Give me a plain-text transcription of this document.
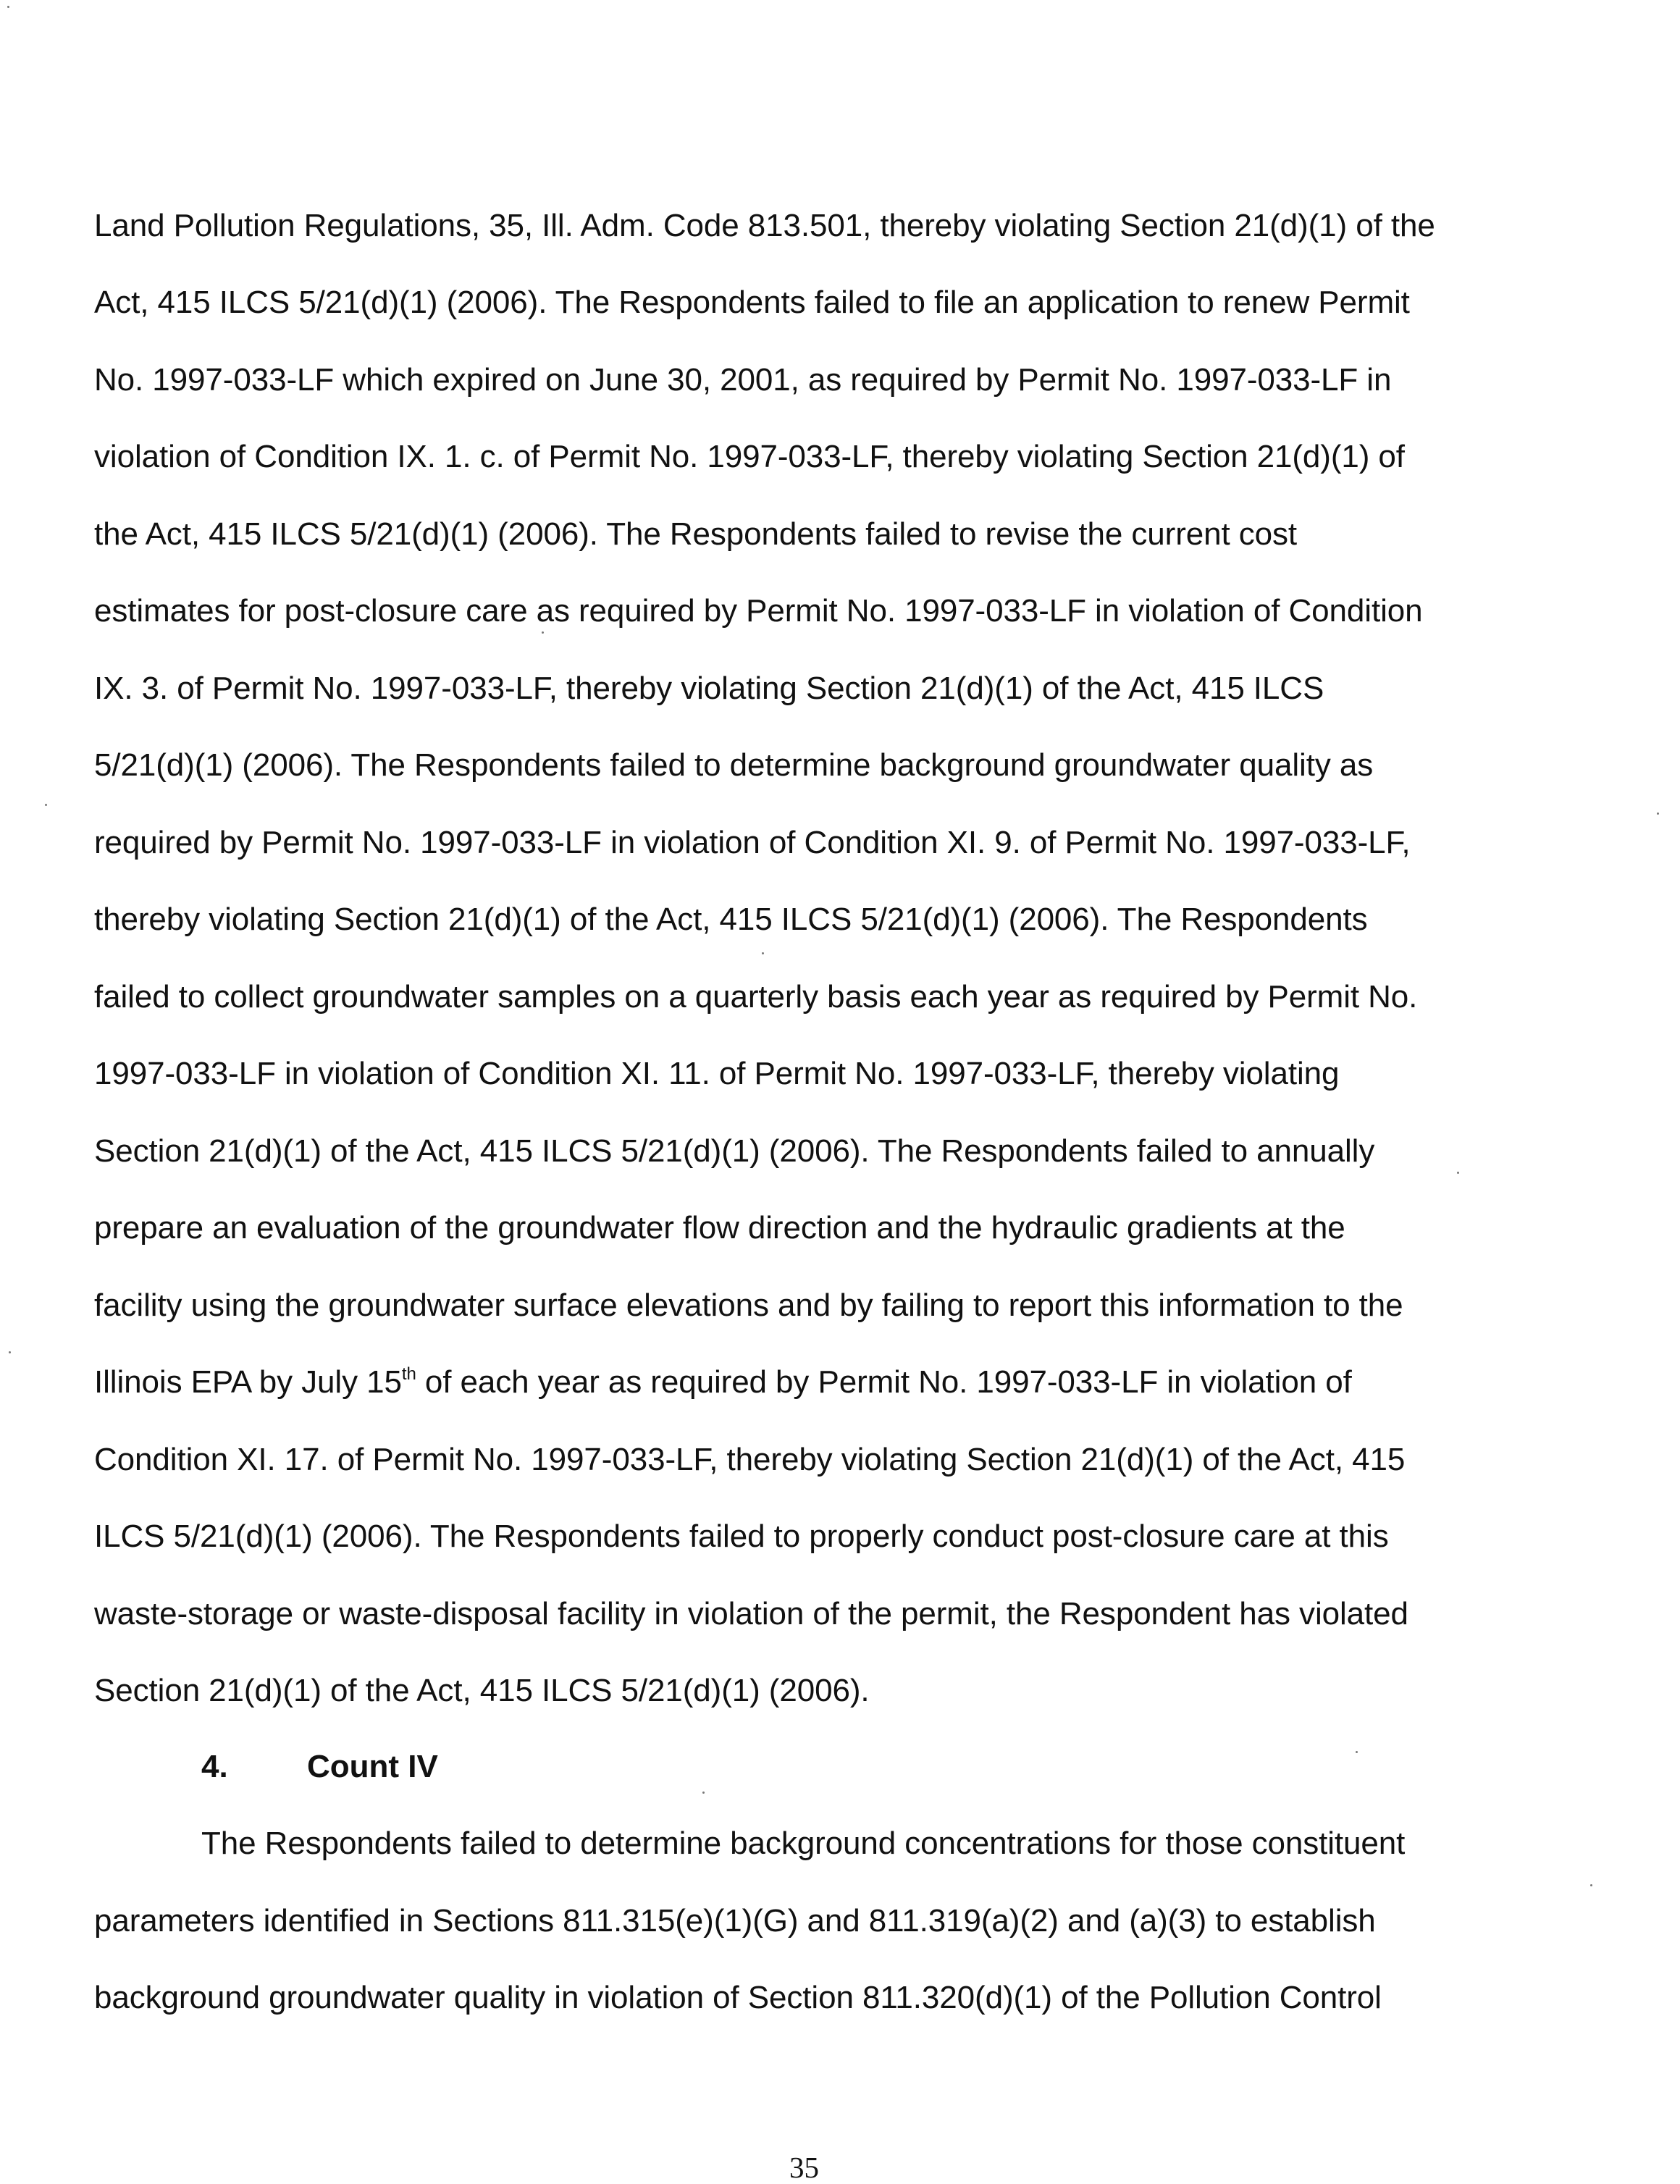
Land Pollution Regulations, 35, Ill. Adm. Code 813.501, thereby violating Section 21(d)(1) of the
Act, 415 ILCS 5/21(d)(1) (2006). The Respondents failed to file an application to renew Permit
No. 1997-033-LF which expired on June 30, 2001, as required by Permit No. 1997-033-LF in
violation of Condition IX. 1. c. of Permit No. 1997-033-LF, thereby violating Section 21(d)(1) of
the Act, 415 ILCS 5/21(d)(1) (2006). The Respondents failed to revise the current cost
estimates for post-closure care as required by Permit No. 1997-033-LF in violation of Condition
IX. 3. of Permit No. 1997-033-LF, thereby violating Section 21(d)(1) of the Act, 415 ILCS
5/21(d)(1) (2006). The Respondents failed to determine background groundwater quality as
required by Permit No. 1997-033-LF in violation of Condition XI. 9. of Permit No. 1997-033-LF,
thereby violating Section 21(d)(1) of the Act, 415 ILCS 5/21(d)(1) (2006). The Respondents
failed to collect groundwater samples on a quarterly basis each year as required by Permit No.
1997-033-LF in violation of Condition XI. 11. of Permit No. 1997-033-LF, thereby violating
Section 21(d)(1) of the Act, 415 ILCS 5/21(d)(1) (2006). The Respondents failed to annually
prepare an evaluation of the groundwater flow direction and the hydraulic gradients at the
facility using the groundwater surface elevations and by failing to report this information to the
Illinois EPA by July 15th of each year as required by Permit No. 1997-033-LF in violation of
Condition XI. 17. of Permit No. 1997-033-LF, thereby violating Section 21(d)(1) of the Act, 415
ILCS 5/21(d)(1) (2006). The Respondents failed to properly conduct post-closure care at this
waste-storage or waste-disposal facility in violation of the permit, the Respondent has violated
Section 21(d)(1) of the Act, 415 ILCS 5/21(d)(1) (2006).
4. Count IV
The Respondents failed to determine background concentrations for those constituent
parameters identified in Sections 811.315(e)(1)(G) and 811.319(a)(2) and (a)(3) to establish
background groundwater quality in violation of Section 811.320(d)(1) of the Pollution Control
35
